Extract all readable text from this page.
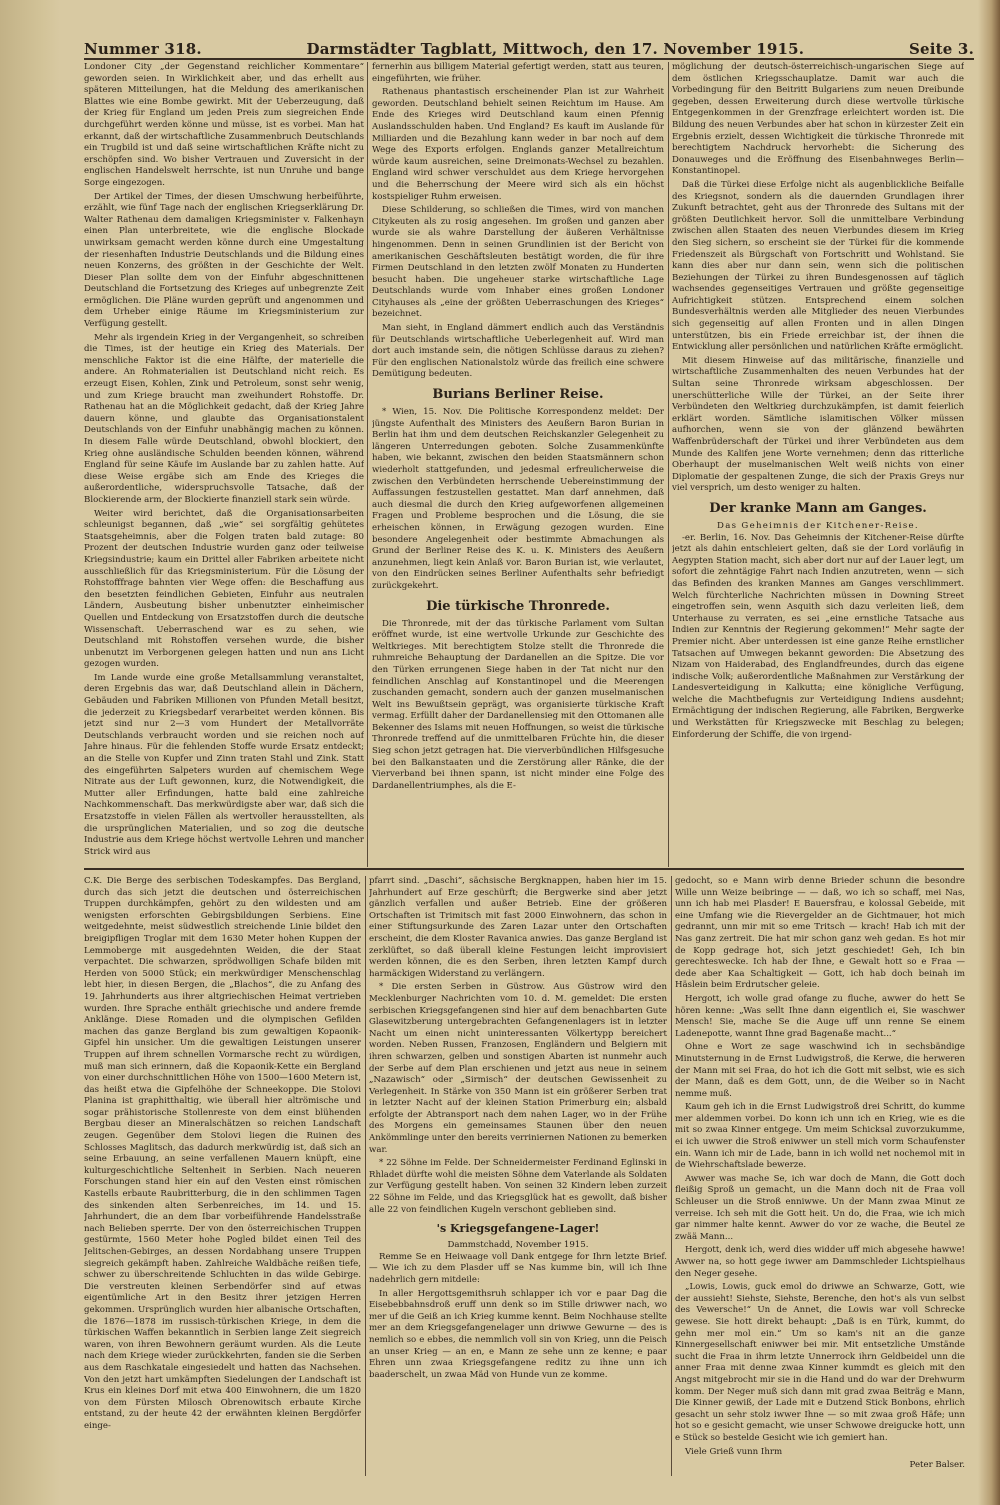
Nummer 318.	Darmstädter Tagblatt, Mittwoch, den 17. November 1915.	Seite 3.

Londoner City „der Gegenstand reichlicher Kommentare“ geworden seien. In Wirklichkeit aber, und das erhellt aus späteren Mitteilungen, hat die Meldung des amerikanischen Blattes wie eine Bombe gewirkt. Mit der Ueberzeugung, daß der Krieg für England um jeden Preis zum siegreichen Ende durchgeführt werden könne und müsse, ist es vorbei. Man hat erkannt, daß der wirtschaftliche Zusammenbruch Deutschlands ein Trugbild ist und daß seine wirtschaftlichen Kräfte nicht zu erschöpfen sind. Wo bisher Vertrauen und Zuversicht in der englischen Handelswelt herrschte, ist nun Unruhe und bange Sorge eingezogen.

Der Artikel der Times, der diesen Umschwung herbeiführte, erzählt, wie fünf Tage nach der englischen Kriegserklärung Dr. Walter Rathenau dem damaligen Kriegsminister v. Falkenhayn einen Plan unterbreitete, wie die englische Blockade unwirksam gemacht werden könne durch eine Umgestaltung der riesenhaften Industrie Deutschlands und die Bildung eines neuen Konzerns, des größten in der Geschichte der Welt. Dieser Plan sollte dem von der Einfuhr abgeschnittenen Deutschland die Fortsetzung des Krieges auf unbegrenzte Zeit ermöglichen. Die Pläne wurden geprüft und angenommen und dem Urheber einige Räume im Kriegsministerium zur Verfügung gestellt.

Mehr als irgendein Krieg in der Vergangenheit, so schreiben die Times, ist der heutige ein Krieg des Materials. Der menschliche Faktor ist die eine Hälfte, der materielle die andere. An Rohmaterialien ist Deutschland nicht reich. Es erzeugt Eisen, Kohlen, Zink und Petroleum, sonst sehr wenig, und zum Kriege braucht man zweihundert Rohstoffe. Dr. Rathenau hat an die Möglichkeit gedacht, daß der Krieg Jahre dauern könne, und glaubte das Organisationstalent Deutschlands von der Einfuhr unabhängig machen zu können. In diesem Falle würde Deutschland, obwohl blockiert, den Krieg ohne ausländische Schulden beenden können, während England für seine Käufe im Auslande bar zu zahlen hatte. Auf diese Weise ergäbe sich am Ende des Krieges die außerordentliche, widerspruchsvolle Tatsache, daß der Blockierende arm, der Blockierte finanziell stark sein würde.

Weiter wird berichtet, daß die Organisationsarbeiten schleunigst begannen, daß „wie“ sei sorgfältig gehütetes Staatsgeheimnis, aber die Folgen traten bald zutage: 80 Prozent der deutschen Industrie wurden ganz oder teilweise Kriegsindustrie; kaum ein Drittel aller Fabriken arbeitete nicht ausschließlich für das Kriegsministerium. Für die Lösung der Rohstofffrage bahnten vier Wege offen: die Beschaffung aus den besetzten feindlichen Gebieten, Einfuhr aus neutralen Ländern, Ausbeutung bisher unbenutzter einheimischer Quellen und Entdeckung von Ersatzstoffen durch die deutsche Wissenschaft. Ueberraschend war es zu sehen, wie Deutschland mit Rohstoffen versehen wurde, die bisher unbenutzt im Verborgenen gelegen hatten und nun ans Licht gezogen wurden.

Im Lande wurde eine große Metallsammlung veranstaltet, deren Ergebnis das war, daß Deutschland allein in Dächern, Gebäuden und Fabriken Millionen von Pfunden Metall besitzt, die jederzeit zu Kriegsbedarf verarbeitet werden können. Bis jetzt sind nur 2—3 vom Hundert der Metallvorräte Deutschlands verbraucht worden und sie reichen noch auf Jahre hinaus. Für die fehlenden Stoffe wurde Ersatz entdeckt; an die Stelle von Kupfer und Zinn traten Stahl und Zink. Statt des eingeführten Salpeters wurden auf chemischem Wege Nitrate aus der Luft gewonnen, kurz, die Notwendigkeit, die Mutter aller Erfindungen, hatte bald eine zahlreiche Nachkommenschaft. Das merkwürdigste aber war, daß sich die Ersatzstoffe in vielen Fällen als wertvoller herausstellten, als die ursprünglichen Materialien, und so zog die deutsche Industrie aus dem Kriege höchst wertvolle Lehren und mancher Strick wird aus

fernerhin aus billigem Material gefertigt werden, statt aus teuren, eingeführten, wie früher.

Rathenaus phantastisch erscheinender Plan ist zur Wahrheit geworden. Deutschland behielt seinen Reichtum im Hause. Am Ende des Krieges wird Deutschland kaum einen Pfennig Auslandsschulden haben. Und England? Es kauft im Auslande für Milliarden und die Bezahlung kann weder in bar noch auf dem Wege des Exports erfolgen. Englands ganzer Metallreichtum würde kaum ausreichen, seine Dreimonats-Wechsel zu bezahlen. England wird schwer verschuldet aus dem Kriege hervorgehen und die Beherrschung der Meere wird sich als ein höchst kostspieliger Ruhm erweisen.

Diese Schilderung, so schließen die Times, wird von manchen Citykeuten als zu rosig angesehen. Im großen und ganzen aber wurde sie als wahre Darstellung der äußeren Verhältnisse hingenommen. Denn in seinen Grundlinien ist der Bericht von amerikanischen Geschäftsleuten bestätigt worden, die für ihre Firmen Deutschland in den letzten zwölf Monaten zu Hunderten besucht haben. Die ungeheuer starke wirtschaftliche Lage Deutschlands wurde vom Inhaber eines großen Londoner Cityhauses als „eine der größten Ueberraschungen des Krieges“ bezeichnet.

Man sieht, in England dämmert endlich auch das Verständnis für Deutschlands wirtschaftliche Ueberlegenheit auf. Wird man dort auch imstande sein, die nötigen Schlüsse daraus zu ziehen? Für den englischen Nationalstolz würde das freilich eine schwere Demütigung bedeuten.

Burians Berliner Reise.

* Wien, 15. Nov. Die Politische Korrespondenz meldet: Der jüngste Aufenthalt des Ministers des Aeußern Baron Burian in Berlin hat ihm und dem deutschen Reichskanzler Gelegenheit zu längeren Unterredungen geboten. Solche Zusammenkünfte haben, wie bekannt, zwischen den beiden Staatsmännern schon wiederholt stattgefunden, und jedesmal erfreulicherweise die zwischen den Verbündeten herrschende Uebereinstimmung der Auffassungen festzustellen gestattet. Man darf annehmen, daß auch diesmal die durch den Krieg aufgeworfenen allgemeinen Fragen und Probleme besprochen und die Lösung, die sie erheischen können, in Erwägung gezogen wurden. Eine besondere Angelegenheit oder bestimmte Abmachungen als Grund der Berliner Reise des K. u. K. Ministers des Aeußern anzunehmen, liegt kein Anlaß vor. Baron Burian ist, wie verlautet, von den Eindrücken seines Berliner Aufenthalts sehr befriedigt zurückgekehrt.

Die türkische Thronrede.

Die Thronrede, mit der das türkische Parlament vom Sultan eröffnet wurde, ist eine wertvolle Urkunde zur Geschichte des Weltkrieges. Mit berechtigtem Stolze stellt die Thronrede die ruhmreiche Behauptung der Dardanellen an die Spitze. Die vor den Türken errungenen Siege haben in der Tat nicht nur den feindlichen Anschlag auf Konstantinopel und die Meerengen zuschanden gemacht, sondern auch der ganzen muselmanischen Welt ins Bewußtsein geprägt, was organisierte türkische Kraft vermag. Erfüllt daher der Dardanellensieg mit den Ottomanen alle Bekenner des Islams mit neuen Hoffnungen, so weist die türkische Thronrede treffend auf die unmittelbaren Früchte hin, die dieser Sieg schon jetzt getragen hat. Die vierverbündlichen Hilfsgesuche bei den Balkanstaaten und die Zerstörung aller Ränke, die der Vierverband bei ihnen spann, ist nicht minder eine Folge des Dardanellentriumphes, als die E-

möglichung der deutsch-österreichisch-ungarischen Siege auf dem östlichen Kriegsschauplatze. Damit war auch die Vorbedingung für den Beitritt Bulgariens zum neuen Dreibunde gegeben, dessen Erweiterung durch diese wertvolle türkische Entgegenkommen in der Grenzfrage erleichtert worden ist. Die Bildung des neuen Verbundes aber hat schon in kürzester Zeit ein Ergebnis erzielt, dessen Wichtigkeit die türkische Thronrede mit berechtigtem Nachdruck hervorhebt: die Sicherung des Donauweges und die Eröffnung des Eisenbahnweges Berlin—Konstantinopel.

Daß die Türkei diese Erfolge nicht als augenblickliche Beifalle des Kriegsnot, sondern als die dauernden Grundlagen ihrer Zukunft betrachtet, geht aus der Thronrede des Sultans mit der größten Deutlichkeit hervor. Soll die unmittelbare Verbindung zwischen allen Staaten des neuen Vierbundes diesem im Krieg den Sieg sichern, so erscheint sie der Türkei für die kommende Friedenszeit als Bürgschaft von Fortschritt und Wohlstand. Sie kann dies aber nur dann sein, wenn sich die politischen Beziehungen der Türkei zu ihren Bundesgenossen auf täglich wachsendes gegenseitiges Vertrauen und größte gegenseitige Aufrichtigkeit stützen. Entsprechend einem solchen Bundesverhältnis werden alle Mitglieder des neuen Vierbundes sich gegenseitig auf allen Fronten und in allen Dingen unterstützen, bis ein Friede erreichbar ist, der ihnen die Entwicklung aller persönlichen und natürlichen Kräfte ermöglicht.

Mit diesem Hinweise auf das militärische, finanzielle und wirtschaftliche Zusammenhalten des neuen Verbundes hat der Sultan seine Thronrede wirksam abgeschlossen. Der unerschütterliche Wille der Türkei, an der Seite ihrer Verbündeten den Weltkrieg durchzukämpfen, ist damit feierlich erklärt worden. Sämtliche islamitischen Völker müssen aufhorchen, wenn sie von der glänzend bewährten Waffenbrüderschaft der Türkei und ihrer Verbündeten aus dem Munde des Kalifen jene Worte vernehmen; denn das ritterliche Oberhaupt der muselmanischen Welt weiß nichts von einer Diplomatie der gespaltenen Zunge, die sich der Praxis Greys nur viel versprich, um desto weniger zu halten.

Der kranke Mann am Ganges.
Das Geheimnis der Kitchener-Reise.

-er. Berlin, 16. Nov. Das Geheimnis der Kitchener-Reise dürfte jetzt als dahin entschleiert gelten, daß sie der Lord vorläufig in Aegypten Station macht, sich aber dort nur auf der Lauer legt, um sofort die zehntägige Fahrt nach Indien anzutreten, wenn — sich das Befinden des kranken Mannes am Ganges verschlimmert. Welch fürchterliche Nachrichten müssen in Downing Street eingetroffen sein, wenn Asquith sich dazu verleiten ließ, dem Unterhause zu verraten, es sei „eine ernstliche Tatsache aus Indien zur Kenntnis der Regierung gekommen!“ Mehr sagte der Premier nicht. Aber unterdessen ist eine ganze Reihe ernstlicher Tatsachen auf Umwegen bekannt geworden: Die Absetzung des Nizam von Haiderabad, des Englandfreundes, durch das eigene indische Volk; außerordentliche Maßnahmen zur Verstärkung der Landesverteidigung in Kalkutta; eine königliche Verfügung, welche die Machtbefugnis zur Verteidigung Indiens ausdehnt; Ermächtigung der indischen Regierung, alle Fabriken, Bergwerke und Werkstätten für Kriegszwecke mit Beschlag zu belegen; Einforderung der Schiffe, die von irgend-

C.K. Die Berge des serbischen Todeskampfes. Das Bergland, durch das sich jetzt die deutschen und österreichischen Truppen durchkämpfen, gehört zu den wildesten und am wenigsten erforschten Gebirgsbildungen Serbiens. Eine weitgedehnte, meist südwestlich streichende Linie bildet den breigipfligen Troglar mit dem 1630 Meter hohen Kuppen der Lemmoberge mit ausgedehnten Weiden, die der Staat verpachtet. Die schwarzen, sprödwolligen Schafe bilden mit Herden von 5000 Stück; ein merkwürdiger Menschenschlag lebt hier, in diesen Bergen, die „Blachos“, die zu Anfang des 19. Jahrhunderts aus ihrer altgriechischen Heimat vertrieben wurden. Ihre Sprache enthält griechische und andere fremde Anklänge. Diese Romaden und die olympischen Gefilden machen das ganze Bergland bis zum gewaltigen Kopaonik-Gipfel hin unsicher. Um die gewaltigen Leistungen unserer Truppen auf ihrem schnellen Vormarsche recht zu würdigen, muß man sich erinnern, daß die Kopaonik-Kette ein Bergland von einer durchschnittlichen Höhe von 1500—1600 Metern ist, das heißt etwa die Gipfelhöhe der Schneekoppe. Die Stolovi Planina ist graphitthaltig, wie überall hier altrömische und sogar prähistorische Stollenreste von dem einst blühenden Bergbau dieser an Mineralschätzen so reichen Landschaft zeugen. Gegenüber dem Stolovi liegen die Ruinen des Schlosses Maglitsch, das dadurch merkwürdig ist, daß sich an seine Erbauung, an seine verfallenen Mauern knüpft, eine kulturgeschichtliche Seltenheit in Serbien. Nach neueren Forschungen stand hier ein auf den Vesten einst römischen Kastells erbaute Raubritterburg, die in den schlimmen Tagen des sinkenden alten Serbenreiches, im 14. und 15. Jahrhundert, die an dem Ibar vorbeiführende Handelsstraße nach Belieben sperrte. Der von den österreichischen Truppen gestürmte, 1560 Meter hohe Pogled bildet einen Teil des Jelitschen-Gebirges, an dessen Nordabhang unsere Truppen siegreich gekämpft haben. Zahlreiche Waldbäche reißen tiefe, schwer zu überschreitende Schluchten in das wilde Gebirge. Die verstreuten kleinen Serbendörfer sind auf etwas eigentümliche Art in den Besitz ihrer jetzigen Herren gekommen. Ursprünglich wurden hier albanische Ortschaften, die 1876—1878 im russisch-türkischen Kriege, in dem die türkischen Waffen bekanntlich in Serbien lange Zeit siegreich waren, von ihren Bewohnern geräumt wurden. Als die Leute nach dem Kriege wieder zurückkehrten, fanden sie die Serben aus dem Raschkatale eingesiedelt und hatten das Nachsehen. Von den jetzt hart umkämpften Siedelungen der Landschaft ist Krus ein kleines Dorf mit etwa 400 Einwohnern, die um 1820 von dem Fürsten Milosch Obrenowitsch erbaute Kirche entstand, zu der heute 42 der erwähnten kleinen Bergdörfer einge-

pfarrt sind. „Daschi“, sächsische Bergknappen, haben hier im 15. Jahrhundert auf Erze geschürft; die Bergwerke sind aber jetzt gänzlich verfallen und außer Betrieb. Eine der größeren Ortschaften ist Trimitsch mit fast 2000 Einwohnern, das schon in einer Stiftungsurkunde des Zaren Lazar unter den Ortschaften erscheint, die dem Kloster Ravanica anwies. Das ganze Bergland ist zerklüftet, so daß überall kleine Festungen leicht improvisiert werden können, die es den Serben, ihren letzten Kampf durch harmäckigen Widerstand zu verlängern.

* Die ersten Serben in Güstrow. Aus Güstrow wird den Mecklenburger Nachrichten vom 10. d. M. gemeldet: Die ersten serbischen Kriegsgefangenen sind hier auf dem benachbarten Gute Glasewitzberung untergebrachten Gefangenenlagers ist in letzter Nacht um einen nicht uninteressanten Völkertypp bereichert worden. Neben Russen, Franzosen, Engländern und Belgiern mit ihren schwarzen, gelben und sonstigen Abarten ist nunmehr auch der Serbe auf dem Plan erschienen und jetzt aus neue in seinem „Nazawisch“ oder „Sirmisch“ der deutschen Gewissenheit zu Verlegenheit. In Stärke von 350 Mann ist ein größerer Serben trat in letzter Nacht auf der kleinen Station Primerburg ein; alsbald erfolgte der Abtransport nach dem nahen Lager, wo in der Frühe des Morgens ein gemeinsames Staunen über den neuen Ankömmlinge unter den bereits verriniernen Nationen zu bemerken war.

* 22 Söhne im Felde. Der Schneidermeister Ferdinand Eglinski in Rhladet dürfte wohl die meisten Söhne dem Vaterlande als Soldaten zur Verfügung gestellt haben. Von seinen 32 Kindern leben zurzeit 22 Söhne im Felde, und das Kriegsglück hat es gewollt, daß bisher alle 22 von feindlichen Kugeln verschont geblieben sind.

's Kriegsgefangene-Lager!
Dammstchadd, November 1915.

Remme Se en Heiwaage voll Dank entgege for Ihrn letzte Brief. — Wie ich zu dem Plasder uff se Nas kumme bin, will ich Ihne nadehrlich gern mitdeile:

In aller Hergottsgemithsruh schlapper ich vor e paar Dag die Eisebebbahnsdroß eruff unn denk so im Stille driwwer nach, wo mer uf die Geiß an ich Krieg kumme kennt. Beim Nochhause stellte mer an dem Kriegsgefangenelager unn driwwe Gewurne — des is nemlich so e ebbes, die nemmlich voll sin von Krieg, unn die Peisch an unser Krieg — an en, e Mann ze sehe unn ze kenne; e paar Ehren unn zwaa Kriegsgefangene reditz zu ihne unn ich baaderschelt, un zwaa Mäd von Hunde vun ze komme.

gedocht, so e Mann wirb denne Brieder schunn die besondre Wille unn Weize beibringe — — daß, wo ich so schaff, mei Nas, unn ich hab mei Plasder! E Bauersfrau, e kolossal Gebeide, mit eine Umfang wie die Rievergelder an de Gichtmauer, hot mich gedrannt, unn mir mit so eme Tritsch — krach! Hab ich mit der Nas ganz zertreit. Die hat mir schon ganz weh gedan. Es hot mir de Kopp gedrage hot, sich jetzt geschiedet! Geh, Ich bin gerechteswecke. Ich hab der Ihne, e Gewalt hott so e Fraa — dede aber Kaa Schaltigkeit — Gott, ich hab doch beinah im Häslein beim Erdrutscher geleie.

Hergott, ich wolle grad ofange zu fluche, awwer do hett Se hören kenne: „Was sellt Ihne dann eigentlich ei, Sie waschwer Mensch! Sie, mache Se die Auge uff unn renne Se einem Ladenepotte, wannt Ihne grad Bagenaße macht...“

Ohne e Wort ze sage waschwind ich in sechsbändige Minutsternung in de Ernst Ludwigstroß, die Kerwe, die herweren der Mann mit sei Fraa, do hot ich die Gott mit selbst, wie es sich der Mann, daß es dem Gott, unn, de die Weiber so in Nacht nemme muß.

Kaum geh ich in die Ernst Ludwigstroß drei Schritt, do kumme mer aldemmen vorbei. Do konn ich unn ich en Krieg, wie es die mit so zwaa Kinner entgege. Um meim Schicksal zuvorzukumme, ei ich uwwer die Stroß eniwwer un stell mich vorm Schaufenster ein. Wann ich mir de Lade, bann in ich wolld net nochemol mit in de Wiehrschaftslade bewerze.

Awwer was mache Se, ich war doch de Mann, die Gott doch fleißig Sproß un gemacht, un die Mann doch nit de Fraa voll Schleuser un die Stroß enniwwe. Un der Mann zwaa Minut ze verreise. Ich seh mit die Gott heit. Un do, die Fraa, wie ich mich gar nimmer halte kennt. Awwer do vor ze wache, die Beutel ze zwää Mann...

Hergott, denk ich, werd dies widder uff mich abgesehe hawwe! Awwer na, so hott gege iwwer am Dammschleder Lichtspielhaus den Neger gesehe.

„Lowis, Lowis, guck emol do driwwe an Schwarze, Gott, wie der aussieht! Siehste, Siehste, Berenche, den hot's als vun selbst des Vewersche!“ Un de Annet, die Lowis war voll Schrecke gewese. Sie hott direkt behaupt: „Daß is en Türk, kummt, do gehn mer mol ein.“ Um so kam's nit an die ganze Kinnergesellschaft eniwwer bei mir. Mit entsetzliche Umstände sucht die Fraa in ihrm letzte Unnerrock ihrn Geldbeidel unn die anner Fraa mit denne zwaa Kinner kummdt es gleich mit den Angst mitgebrocht mir sie in die Hand und do war der Drehwurm komm. Der Neger muß sich dann mit grad zwaa Beiträg e Mann, Die Kinner gewiß, der Lade mit e Dutzend Stick Bonbons, ehrlich gesacht un sehr stolz iwwer Ihne — so mit zwaa groß Häfe; unn hot so e gesicht gemacht, wie unser Schwowe dreigucke hott, unn e Stück so bestelde Gesicht wie ich gemiert han.

Viele Grieß vunn Ihrm

Peter Balser.
